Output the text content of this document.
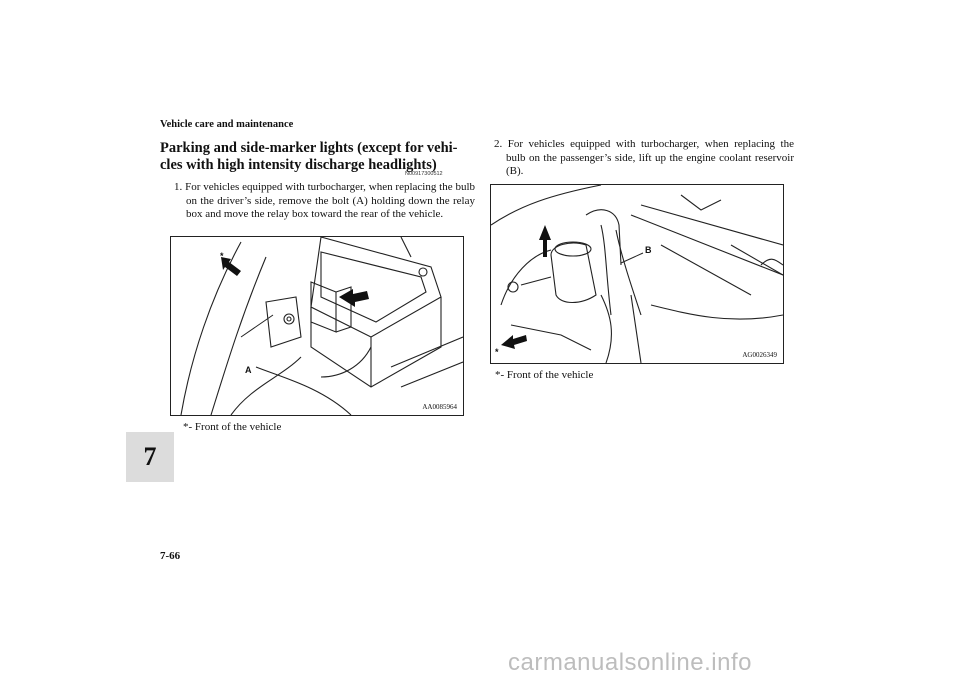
Vehicle care and maintenance
7
Parking and side-marker lights (except for vehi-cles with high intensity discharge headlights)
N00917300512

1. For vehicles equipped with turbocharger, when replacing the bulb on the driver’s side, remove the bolt (A) holding down the relay box and move the relay box toward the rear of the vehicle.

A
*
AA0085964
*- Front of the vehicle

2. For vehicles equipped with turbocharger, when replacing the bulb on the passenger’s side, lift up the engine coolant reservoir (B).

B
*	AG0026349
*- Front of the vehicle
7-66
carmanualsonline.info
